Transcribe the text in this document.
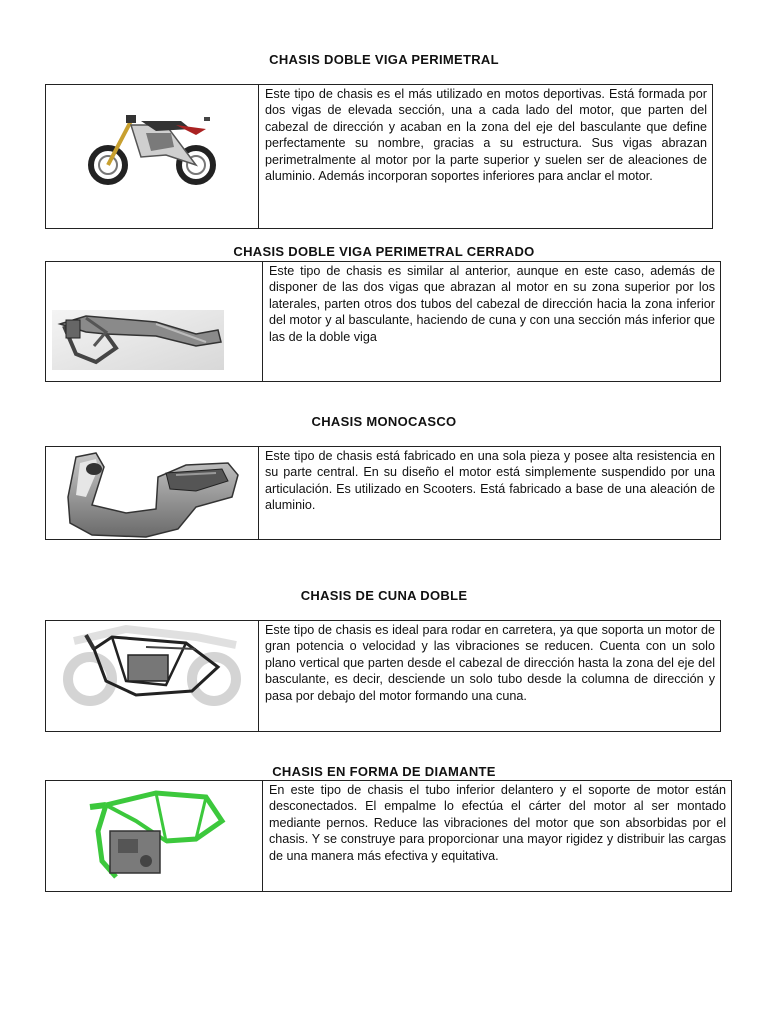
CHASIS DOBLE VIGA PERIMETRAL
Este tipo de chasis es el más utilizado en motos deportivas. Está formada por dos vigas de elevada sección, una a cada lado del motor, que parten del cabezal de dirección y acaban en la zona del eje del basculante que define perfectamente su nombre, gracias a su estructura. Sus vigas abrazan perimetralmente al motor por la parte superior y suelen ser de aleaciones de aluminio. Además incorporan soportes inferiores para anclar el motor.
CHASIS DOBLE VIGA PERIMETRAL CERRADO
Este tipo de chasis es similar al anterior, aunque en este caso, además de disponer de las dos vigas que abrazan al motor en su zona superior por los laterales, parten otros dos tubos del cabezal de dirección hacia la zona inferior del motor y al basculante, haciendo de cuna y con una sección más inferior que las de la doble viga
CHASIS MONOCASCO
Este tipo de chasis está fabricado en una sola pieza y posee alta resistencia en su parte central. En su diseño el motor está simplemente suspendido por una articulación. Es utilizado en Scooters. Está fabricado a base de una aleación de aluminio.
CHASIS DE CUNA DOBLE
Este tipo de chasis es ideal para rodar en carretera, ya que soporta un motor de gran potencia o velocidad y las vibraciones se reducen. Cuenta con un solo plano vertical que parten desde el cabezal de dirección hasta la zona del eje del basculante, es decir, desciende un solo tubo desde la columna de dirección y pasa por debajo del motor formando una cuna.
CHASIS EN FORMA DE DIAMANTE
En este tipo de chasis el tubo inferior delantero y el soporte de motor están desconectados. El empalme lo efectúa el cárter del motor al ser montado mediante pernos. Reduce las vibraciones del motor que son absorbidas por el chasis. Y se construye para proporcionar una mayor rigidez y distribuir las cargas de una manera más efectiva y equitativa.
